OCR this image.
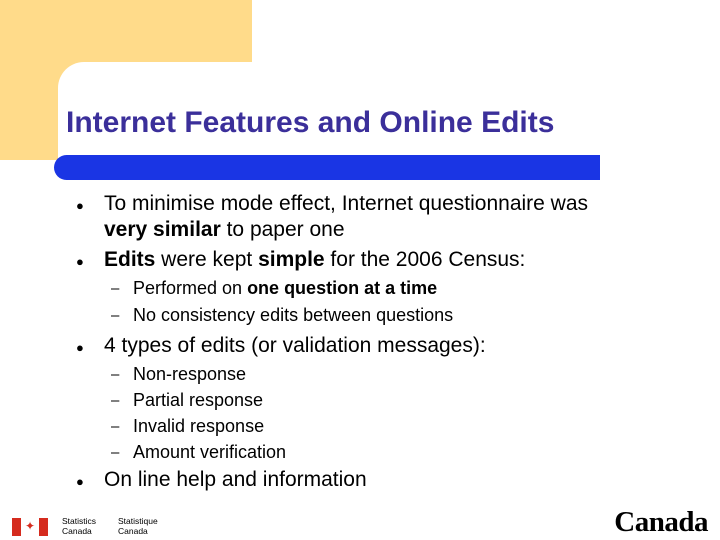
Internet Features and Online Edits
● To minimise mode effect, Internet questionnaire was
very similar to paper one
● Edits were kept simple for the 2006 Census:
– Performed on one question at a time
– No consistency edits between questions
● 4 types of edits (or validation messages):
– Non-response
– Partial response
– Invalid response
– Amount verification
● On line help and information
✦	Statistics
Canada
Statistique
Canada	Canada
